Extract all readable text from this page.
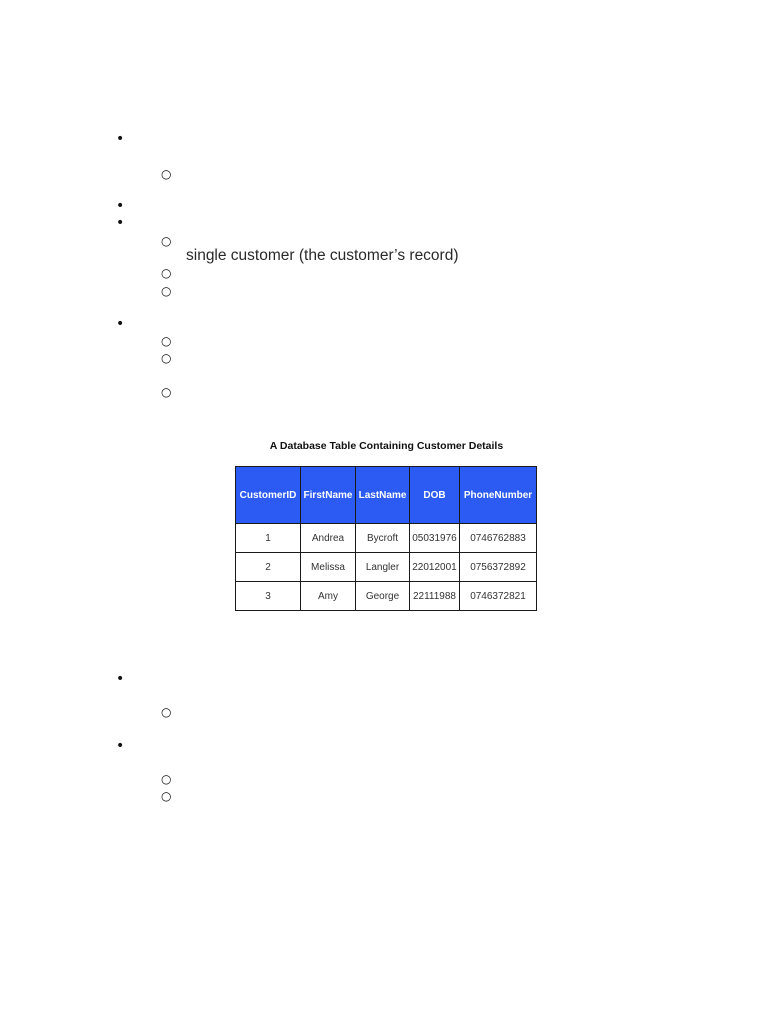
•
○
•
•
○
single customer (the customer’s record)
○
○
•
○
○
○
A Database Table Containing Customer Details
CustomerID	FirstName	LastName	DOB	PhoneNumber
1	Andrea	Bycroft	05031976	0746762883
2	Melissa	Langler	22012001	0756372892
3	Amy	George	22111988	0746372821
•
○
•
○
○
